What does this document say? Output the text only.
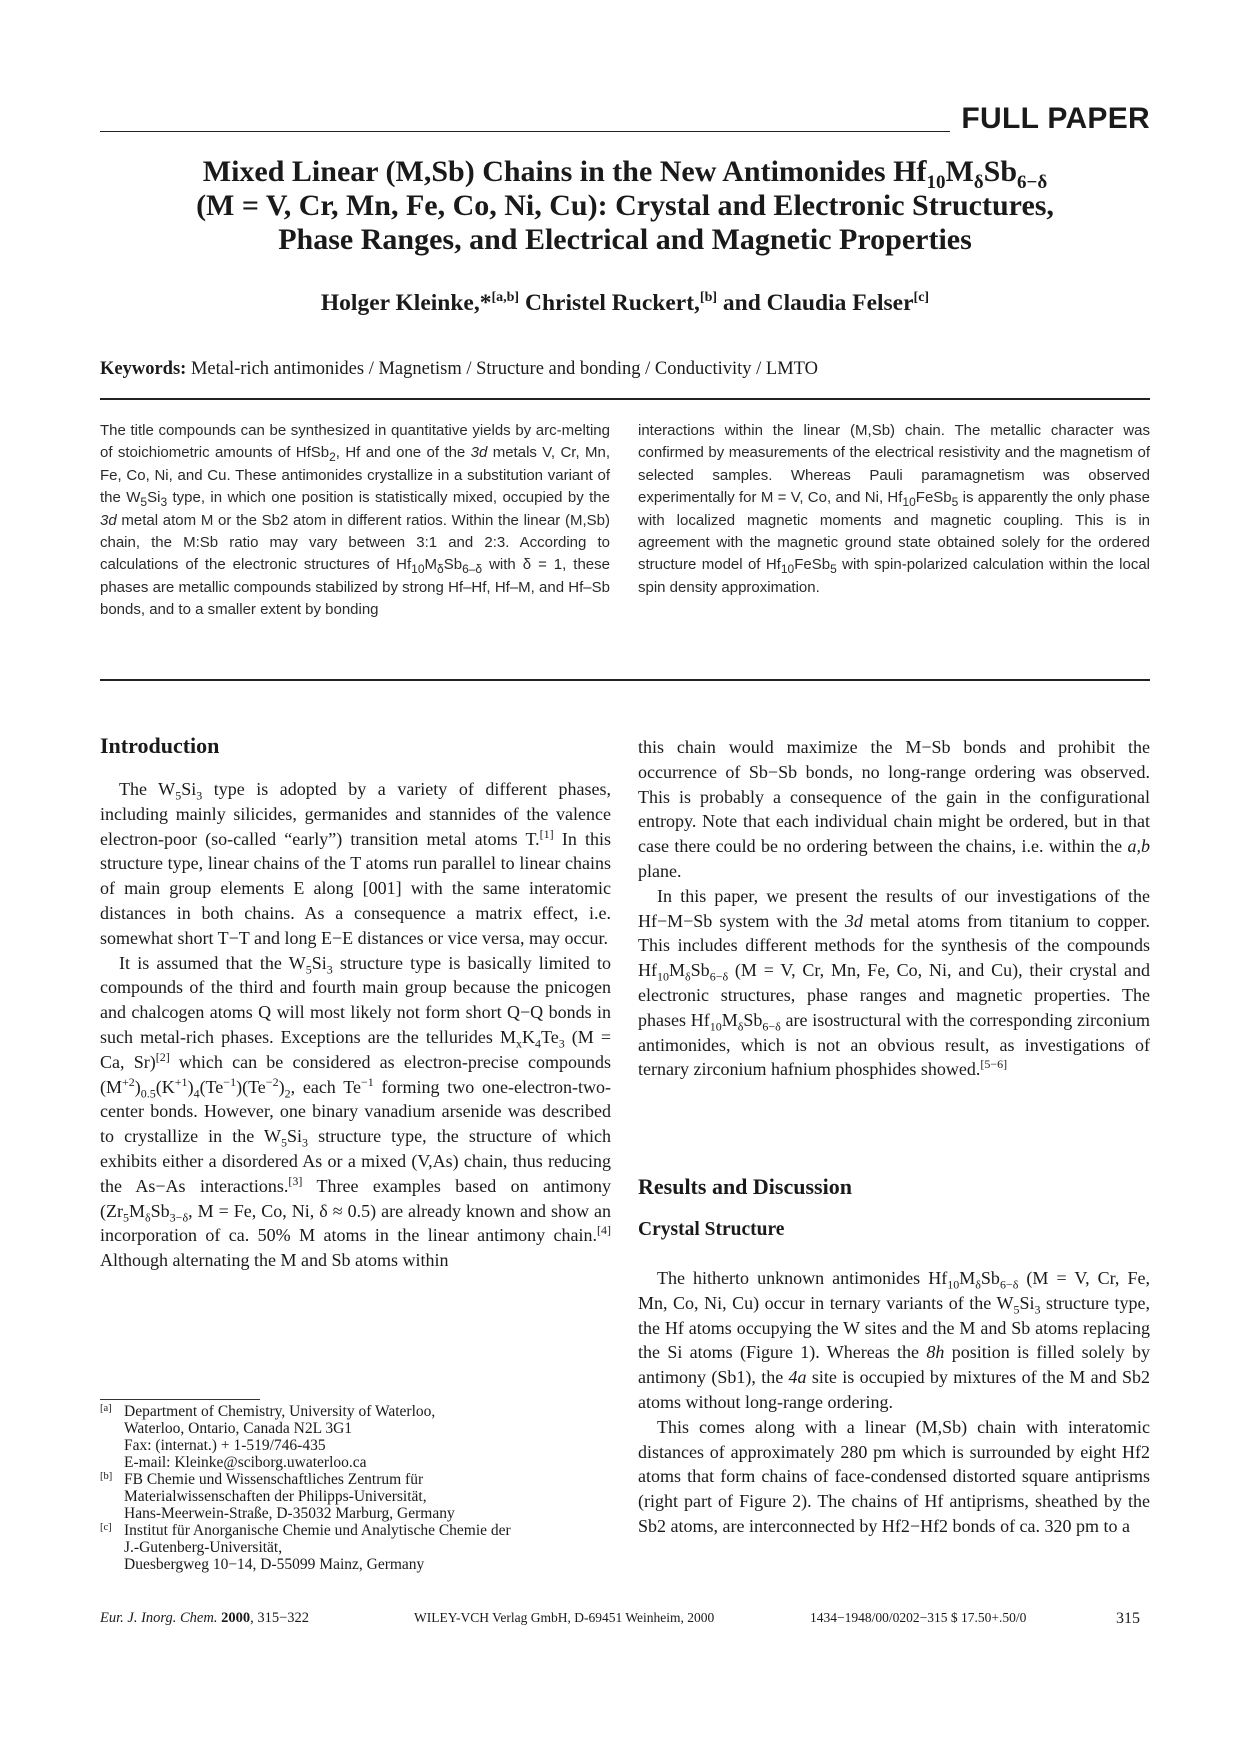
FULL PAPER
Mixed Linear (M,Sb) Chains in the New Antimonides $Hf_{10}M_\delta Sb_{6-\delta}$
(M = V, Cr, Mn, Fe, Co, Ni, Cu): Crystal and Electronic Structures,
Phase Ranges, and Electrical and Magnetic Properties
Holger Kleinke,*[a,b] Christel Ruckert,[b] and Claudia Felser[c]
Keywords: Metal-rich antimonides / Magnetism / Structure and bonding / Conductivity / LMTO
The title compounds can be synthesized in quantitative yields by arc-melting of stoichiometric amounts of HfSb$_2$, Hf and one of the 3d metals V, Cr, Mn, Fe, Co, Ni, and Cu. These antimonides crystallize in a substitution variant of the $W_5Si_3$ type, in which one position is statistically mixed, occupied by the 3d metal atom M or the Sb2 atom in different ratios. Within the linear (M,Sb) chain, the M:Sb ratio may vary between 3:1 and 2:3. According to calculations of the electronic structures of $Hf_{10}M_\delta Sb_{6-\delta}$ with δ = 1, these phases are metallic compounds stabilized by strong Hf–Hf, Hf–M, and Hf–Sb bonds, and to a smaller extent by bonding
interactions within the linear (M,Sb) chain. The metallic character was confirmed by measurements of the electrical resistivity and the magnetism of selected samples. Whereas Pauli paramagnetism was observed experimentally for M = V, Co, and Ni, $Hf_{10}FeSb_5$ is apparently the only phase with localized magnetic moments and magnetic coupling. This is in agreement with the magnetic ground state obtained solely for the ordered structure model of $Hf_{10}FeSb_5$ with spin-polarized calculation within the local spin density approximation.
Introduction

The $W_5Si_3$ type is adopted by a variety of different phases, including mainly silicides, germanides and stannides of the valence electron-poor (so-called “early”) transition metal atoms T.[1] In this structure type, linear chains of the T atoms run parallel to linear chains of main group elements E along [001] with the same interatomic distances in both chains. As a consequence a matrix effect, i.e. somewhat short T−T and long E−E distances or vice versa, may occur.

It is assumed that the $W_5Si_3$ structure type is basically limited to compounds of the third and fourth main group because the pnicogen and chalcogen atoms Q will most likely not form short Q−Q bonds in such metal-rich phases. Exceptions are the tellurides $M_xK_4Te_3$ (M = Ca, Sr)[2] which can be considered as electron-precise compounds $(M^{+2})_{0.5}(K^{+1})_4(Te^{-1})(Te^{-2})_2$, each $Te^{-1}$ forming two one-electron-two-center bonds. However, one binary vanadium arsenide was described to crystallize in the $W_5Si_3$ structure type, the structure of which exhibits either a disordered As or a mixed (V,As) chain, thus reducing the As−As interactions.[3] Three examples based on antimony ($Zr_5M_\delta Sb_{3-\delta}$, M = Fe, Co, Ni, δ ≈ 0.5) are already known and show an incorporation of ca. 50% M atoms in the linear antimony chain.[4] Although alternating the M and Sb atoms within

this chain would maximize the M−Sb bonds and prohibit the occurrence of Sb−Sb bonds, no long-range ordering was observed. This is probably a consequence of the gain in the configurational entropy. Note that each individual chain might be ordered, but in that case there could be no ordering between the chains, i.e. within the a,b plane.

In this paper, we present the results of our investigations of the Hf−M−Sb system with the 3d metal atoms from titanium to copper. This includes different methods for the synthesis of the compounds $Hf_{10}M_\delta Sb_{6-\delta}$ (M = V, Cr, Mn, Fe, Co, Ni, and Cu), their crystal and electronic structures, phase ranges and magnetic properties. The phases $Hf_{10}M_\delta Sb_{6-\delta}$ are isostructural with the corresponding zirconium antimonides, which is not an obvious result, as investigations of ternary zirconium hafnium phosphides showed.[5−6]

Results and Discussion
Crystal Structure

The hitherto unknown antimonides $Hf_{10}M_\delta Sb_{6-\delta}$ (M = V, Cr, Fe, Mn, Co, Ni, Cu) occur in ternary variants of the $W_5Si_3$ structure type, the Hf atoms occupying the W sites and the M and Sb atoms replacing the Si atoms (Figure 1). Whereas the 8h position is filled solely by antimony (Sb1), the 4a site is occupied by mixtures of the M and Sb2 atoms without long-range ordering.

This comes along with a linear (M,Sb) chain with interatomic distances of approximately 280 pm which is surrounded by eight Hf2 atoms that form chains of face-condensed distorted square antiprisms (right part of Figure 2). The chains of Hf antiprisms, sheathed by the Sb2 atoms, are interconnected by Hf2−Hf2 bonds of ca. 320 pm to a

[a] Department of Chemistry, University of Waterloo,
Waterloo, Ontario, Canada N2L 3G1
Fax: (internat.) + 1-519/746-435
E-mail: Kleinke@sciborg.uwaterloo.ca
[b] FB Chemie und Wissenschaftliches Zentrum für
Materialwissenschaften der Philipps-Universität,
Hans-Meerwein-Straße, D-35032 Marburg, Germany
[c] Institut für Anorganische Chemie und Analytische Chemie der
J.-Gutenberg-Universität,
Duesbergweg 10−14, D-55099 Mainz, Germany
Eur. J. Inorg. Chem. 2000, 315−322	WILEY-VCH Verlag GmbH, D-69451 Weinheim, 2000	1434−1948/00/0202−315 $ 17.50+.50/0	315
